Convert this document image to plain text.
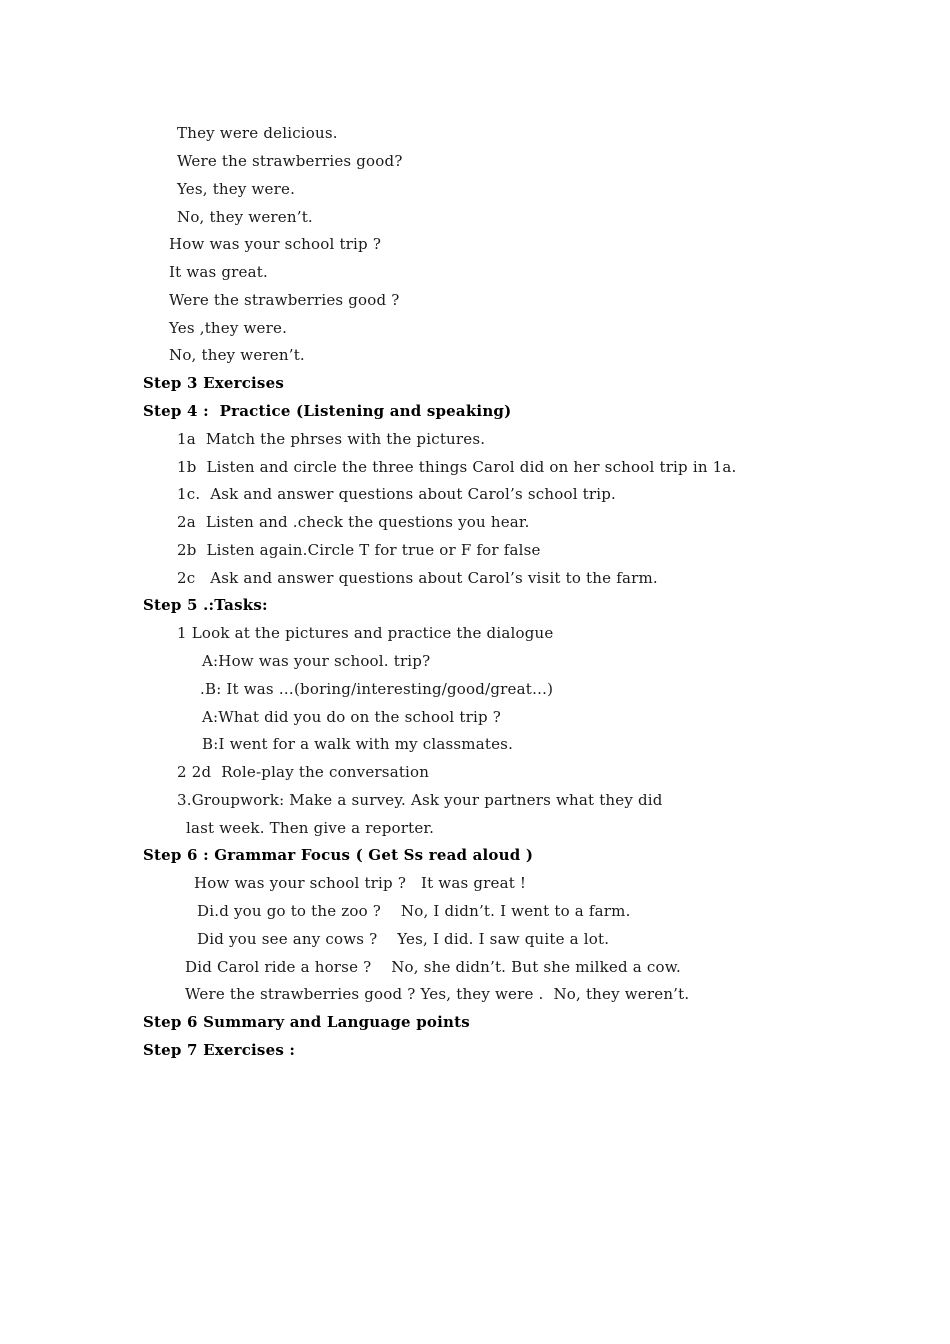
They were delicious.
Were the strawberries good?
Yes, they were.
No, they weren’t.
How was your school trip ?
It was great.
Were the strawberries good ?
Yes ,they were.
No, they weren’t.
Step 3 Exercises
Step 4 :  Practice (Listening and speaking)
1a  Match the phrses with the pictures.
1b  Listen and circle the three things Carol did on her school trip in 1a.
1c.  Ask and answer questions about Carol’s school trip.
2a  Listen and .check the questions you hear.
2b  Listen again.Circle T for true or F for false
2c   Ask and answer questions about Carol’s visit to the farm.
Step 5 .:Tasks:
1 Look at the pictures and practice the dialogue
A:How was your school. trip?
.B: It was …(boring/interesting/good/great…)
A:What did you do on the school trip ?
B:I went for a walk with my classmates.
2 2d  Role-play the conversation
3.Groupwork: Make a survey. Ask your partners what they did
last week. Then give a reporter.
Step 6 : Grammar Focus ( Get Ss read aloud )
How was your school trip ?   It was great !
Di.d you go to the zoo ?    No, I didn’t. I went to a farm.
Did you see any cows ?    Yes, I did. I saw quite a lot.
Did Carol ride a horse ?    No, she didn’t. But she milked a cow.
Were the strawberries good ? Yes, they were .  No, they weren’t.
Step 6 Summary and Language points
Step 7 Exercises :
